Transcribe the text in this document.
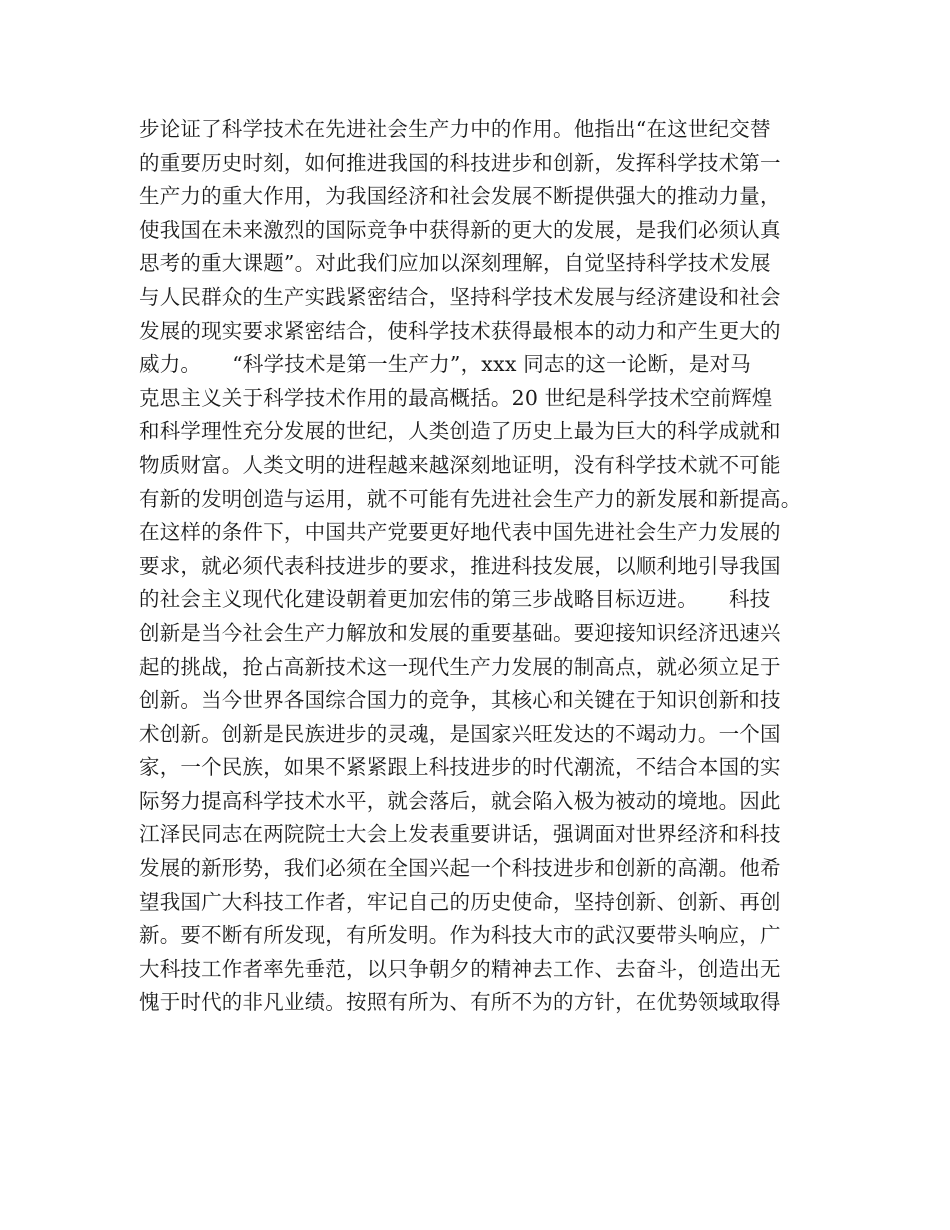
步论证了科学技术在先进社会生产力中的作用。他指出“在这世纪交替
的重要历史时刻，如何推进我国的科技进步和创新，发挥科学技术第一
生产力的重大作用，为我国经济和社会发展不断提供强大的推动力量，
使我国在未来激烈的国际竞争中获得新的更大的发展，是我们必须认真
思考的重大课题”。对此我们应加以深刻理解，自觉坚持科学技术发展
与人民群众的生产实践紧密结合，坚持科学技术发展与经济建设和社会
发展的现实要求紧密结合，使科学技术获得最根本的动力和产生更大的
威力。　　“科学技术是第一生产力”，xxx 同志的这一论断，是对马
克思主义关于科学技术作用的最高概括。20 世纪是科学技术空前辉煌
和科学理性充分发展的世纪，人类创造了历史上最为巨大的科学成就和
物质财富。人类文明的进程越来越深刻地证明，没有科学技术就不可能
有新的发明创造与运用，就不可能有先进社会生产力的新发展和新提高。
在这样的条件下，中国共产党要更好地代表中国先进社会生产力发展的
要求，就必须代表科技进步的要求，推进科技发展，以顺利地引导我国
的社会主义现代化建设朝着更加宏伟的第三步战略目标迈进。　　科技
创新是当今社会生产力解放和发展的重要基础。要迎接知识经济迅速兴
起的挑战，抢占高新技术这一现代生产力发展的制高点，就必须立足于
创新。当今世界各国综合国力的竞争，其核心和关键在于知识创新和技
术创新。创新是民族进步的灵魂，是国家兴旺发达的不竭动力。一个国
家，一个民族，如果不紧紧跟上科技进步的时代潮流，不结合本国的实
际努力提高科学技术水平，就会落后，就会陷入极为被动的境地。因此
江泽民同志在两院院士大会上发表重要讲话，强调面对世界经济和科技
发展的新形势，我们必须在全国兴起一个科技进步和创新的高潮。他希
望我国广大科技工作者，牢记自己的历史使命，坚持创新、创新、再创
新。要不断有所发现，有所发明。作为科技大市的武汉要带头响应，广
大科技工作者率先垂范，以只争朝夕的精神去工作、去奋斗，创造出无
愧于时代的非凡业绩。按照有所为、有所不为的方针，在优势领域取得
